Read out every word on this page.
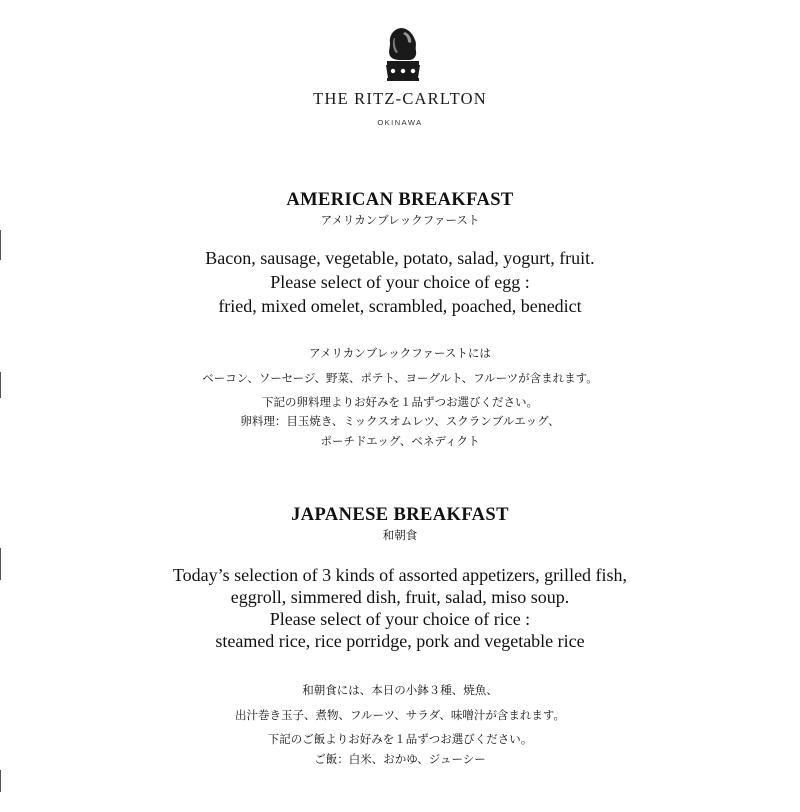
THE RITZ-CARLTON
OKINAWA
AMERICAN BREAKFAST
アメリカンブレックファースト
Bacon, sausage, vegetable, potato, salad, yogurt, fruit.
Please select of your choice of egg :
fried, mixed omelet, scrambled, poached, benedict
アメリカンブレックファーストには
ベーコン、ソーセージ、野菜、ポテト、ヨーグルト、フルーツが含まれます。
下記の卵料理よりお好みを１品ずつお選びください。
卵料理：目玉焼き、ミックスオムレツ、スクランブルエッグ、
ポーチドエッグ、ベネディクト
JAPANESE BREAKFAST
和朝食
Today’s selection of 3 kinds of assorted appetizers, grilled fish,
eggroll, simmered dish, fruit, salad, miso soup.
Please select of your choice of rice :
steamed rice, rice porridge, pork and vegetable rice
和朝食には、本日の小鉢３種、焼魚、
出汁巻き玉子、煮物、フルーツ、サラダ、味噌汁が含まれます。
下記のご飯よりお好みを１品ずつお選びください。
ご飯：白米、おかゆ、ジューシー
